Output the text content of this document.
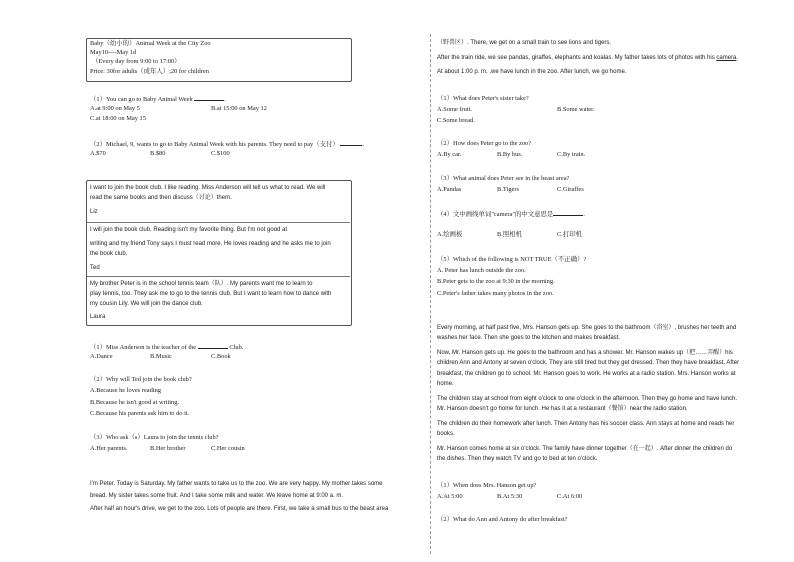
Baby（幼小的）Animal Week at the City Zoo
May10----May 1d
（Every day from 9:00 to 17:00）
Price: 30for adults（成年人）;20 for children
（1）You can go to Baby Animal Week	.
A.at 9:00 on May 5	B.at 15:00 on May 12
C.at 18:00 on May 15
（2）Michael, 9, wants to go to Baby Animal Week with his parents. They need to pay（支付）	.
A.$70	B.$80	C.$100
I want to join the book club. I like reading. Miss Anderson will tell us what to read. We will
read the same books and then discuss（讨论）them.
Liz
I will join the book club. Reading isn't my favorite thing. But I'm not good at
writing and my friend Tony says I must read more. He loves reading and he asks me to join
the book club.
Ted
My brother Peter is in the school tennis team（队）. My parents want me to learn to
play tennis, too. They ask me to go to the tennis club. But I want to learn how to dance with
my cousin Lily. We will join the dance club.
Laura
（1）Miss Anderson is the teacher of the	Club.
A.Dance	B.Music	C.Book
（2）Why will Ted join the book club?
A.Because he loves reading
B.Because he isn't good at writing.
C.Because his parents ask him to do it.
（3）Who ask（s）Laura to join the tennis club?
A.Her parents.	B.Her brother	C.Her cousin
I'm Peter. Today is Saturday. My father wants to take us to the zoo. We are very happy. My mother takes some
bread. My sister takes some fruit. And I take some milk and water. We leave home at 9:00 a. m.
After half an hour's drive, we get to the zoo. Lots of people are there. First, we take a small bus to the beast area
（野兽区）. There, we get on a small train to see lions and tigers.
After the train ride, we see pandas, giraffes, elephants and koalas. My father takes lots of photos with his camera.
At about 1:00 p. m. ,we have lunch in the zoo. After lunch, we go home.
（1）What does Peter's sister take?
A.Some fruit.	B.Some water.
C.Some bread.
（2）How does Peter go to the zoo?
A.By car.	B.By bus.	C.By train.
（3）What animal does Peter see in the beast area?
A.Pandas	B.Tigers	C.Giraffes
（4）文中画线单词"camera"的中文意思是	.
A.绘画板	B.照相机	C.打印机
（5）Which of the following is NOT TRUE（不正确）?
A. Peter has lunch outside the zoo.
B.Peter gets to the zoo at 9:30 in the morning.
C.Peter's father takes many photos in the zoo.
Every morning, at half past five, Mrs. Hanson gets up. She goes to the bathroom（浴室）, brushes her teeth and
washes her face. Then she goes to the kitchen and makes breakfast.
Now, Mr. Hanson gets up. He goes to the bathroom and has a shower. Mr. Hanson wakes up（把……弄醒）his
children Ann and Antony at seven o'clock. They are still tired but they get dressed. Then they have breakfast. After
breakfast, the children go to school. Mr. Hanson goes to work. He works at a radio station. Mrs. Hanson works at
home.
The children stay at school from eight o'clock to one o'clock in the afternoon. Then they go home and have lunch.
Mr. Hanson doesn't go home for lunch. He has it at a restaurant（餐馆）near the radio station.
The children do their homework after lunch. Then Antony has his soccer class. Ann stays at home and reads her
books.
Mr. Hanson comes home at six o'clock. The family have dinner together（在一起）. After dinner the children do
the dishes. Then they watch TV and go to bed at ten o'clock.
（1）When does Mrs. Hanson get up?
A.At 5:00	B.At 5:30	C.At 6:00
（2）What do Ann and Antony do after breakfast?
